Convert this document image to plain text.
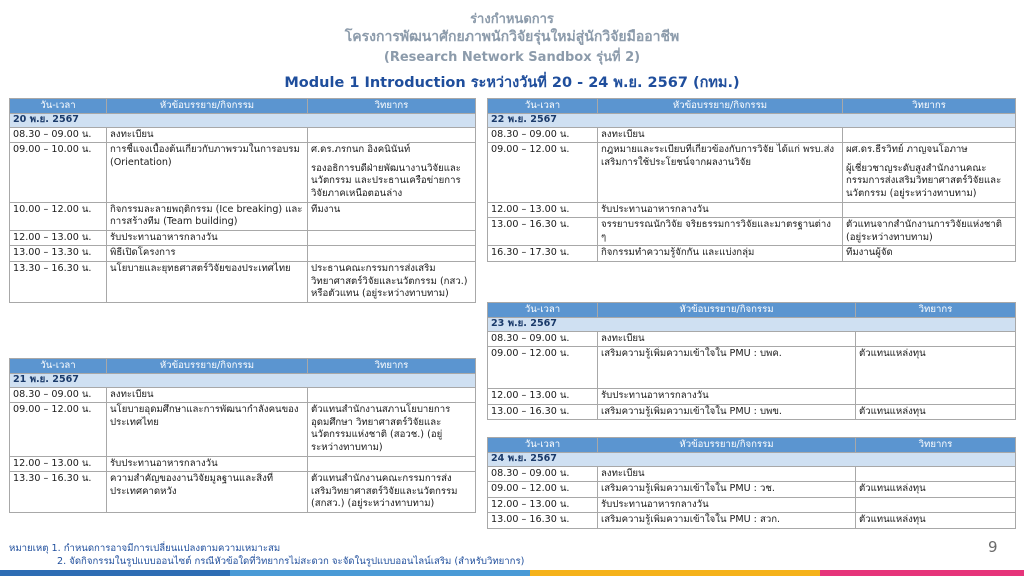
ร่างกำหนดการ
โครงการพัฒนาศักยภาพนักวิจัยรุ่นใหม่สู่นักวิจัยมืออาชีพ
(Research Network Sandbox รุ่นที่ 2)
Module 1 Introduction ระหว่างวันที่ 20 - 24 พ.ย. 2567 (กทม.)
วัน-เวลา	หัวข้อบรรยาย/กิจกรรม	วิทยากร
20 พ.ย. 2567		
08.30 – 09.00 น.	ลงทะเบียน	
09.00 – 10.00 น.	การชี้แจงเบื้องต้นเกี่ยวกับภาพรวมในการอบรม (Orientation)	ศ.ดร.ภรกนก อิงคนินันท์
รองอธิการบดีฝ่ายพัฒนางานวิจัยและนวัตกรรม และประธานเครือข่ายการวิจัยภาคเหนือตอนล่าง

10.00 – 12.00 น.	กิจกรรมละลายพฤติกรรม (Ice breaking) และการสร้างทีม (Team building)	ทีมงาน
12.00 – 13.00 น.	รับประทานอาหารกลางวัน	
13.00 – 13.30 น.	พิธีเปิดโครงการ	
13.30 – 16.30 น.	นโยบายและยุทธศาสตร์วิจัยของประเทศไทย	ประธานคณะกรรมการส่งเสริมวิทยาศาสตร์วิจัยและนวัตกรรม (กสว.) หรือตัวแทน (อยู่ระหว่างทาบทาม)
วัน-เวลา	หัวข้อบรรยาย/กิจกรรม	วิทยากร
21 พ.ย. 2567		
08.30 – 09.00 น.	ลงทะเบียน	
09.00 – 12.00 น.	นโยบายอุดมศึกษาและการพัฒนากำลังคนของประเทศไทย	ตัวแทนสำนักงานสภานโยบายการอุดมศึกษา วิทยาศาสตร์วิจัยและนวัตกรรมแห่งชาติ (สอวช.) (อยู่ระหว่างทาบทาม)
12.00 – 13.00 น.	รับประทานอาหารกลางวัน	
13.30 – 16.30 น.	ความสำคัญของงานวิจัยมูลฐานและสิ่งที่ประเทศคาดหวัง	ตัวแทนสำนักงานคณะกรรมการส่งเสริมวิทยาศาสตร์วิจัยและนวัตกรรม (สกสว.) (อยู่ระหว่างทาบทาม)
วัน-เวลา	หัวข้อบรรยาย/กิจกรรม	วิทยากร
22 พ.ย. 2567		
08.30 – 09.00 น.	ลงทะเบียน	
09.00 – 12.00 น.	กฎหมายและระเบียบที่เกี่ยวข้องกับการวิจัย ได้แก่ พรบ.ส่งเสริมการใช้ประโยชน์จากผลงานวิจัย	ผศ.ดร.ธีรวิทย์ ภาญจนโอภาษ
ผู้เชี่ยวชาญระดับสูงสำนักงานคณะกรรมการส่งเสริมวิทยาศาสตร์วิจัยและนวัตกรรม (อยู่ระหว่างทาบทาม)

12.00 – 13.00 น.	รับประทานอาหารกลางวัน	
13.00 – 16.30 น.	จรรยาบรรณนักวิจัย จริยธรรมการวิจัยและมาตรฐานต่าง ๆ	ตัวแทนจากสำนักงานการวิจัยแห่งชาติ (อยู่ระหว่างทาบทาม)
16.30 – 17.30 น.	กิจกรรมทำความรู้จักกัน และแบ่งกลุ่ม	ทีมงานผู้จัด
วัน-เวลา	หัวข้อบรรยาย/กิจกรรม	วิทยากร
23 พ.ย. 2567		
08.30 – 09.00 น.	ลงทะเบียน	
09.00 – 12.00 น.	เสริมความรู้เพิ่มความเข้าใจใน PMU : บพค.	ตัวแทนแหล่งทุน
12.00 – 13.00 น.	รับประทานอาหารกลางวัน	
13.00 – 16.30 น.	เสริมความรู้เพิ่มความเข้าใจใน PMU : บพข.	ตัวแทนแหล่งทุน
วัน-เวลา	หัวข้อบรรยาย/กิจกรรม	วิทยากร
24 พ.ย. 2567		
08.30 – 09.00 น.	ลงทะเบียน	
09.00 – 12.00 น.	เสริมความรู้เพิ่มความเข้าใจใน PMU : วช.	ตัวแทนแหล่งทุน
12.00 – 13.00 น.	รับประทานอาหารกลางวัน	
13.00 – 16.30 น.	เสริมความรู้เพิ่มความเข้าใจใน PMU : สวก.	ตัวแทนแหล่งทุน
หมายเหตุ 1. กำหนดการอาจมีการเปลี่ยนแปลงตามความเหมาะสม
2. จัดกิจกรรมในรูปแบบออนไซต์ กรณีหัวข้อใดที่วิทยากรไม่สะดวก จะจัดในรูปแบบออนไลน์เสริม (สำหรับวิทยากร)
9
